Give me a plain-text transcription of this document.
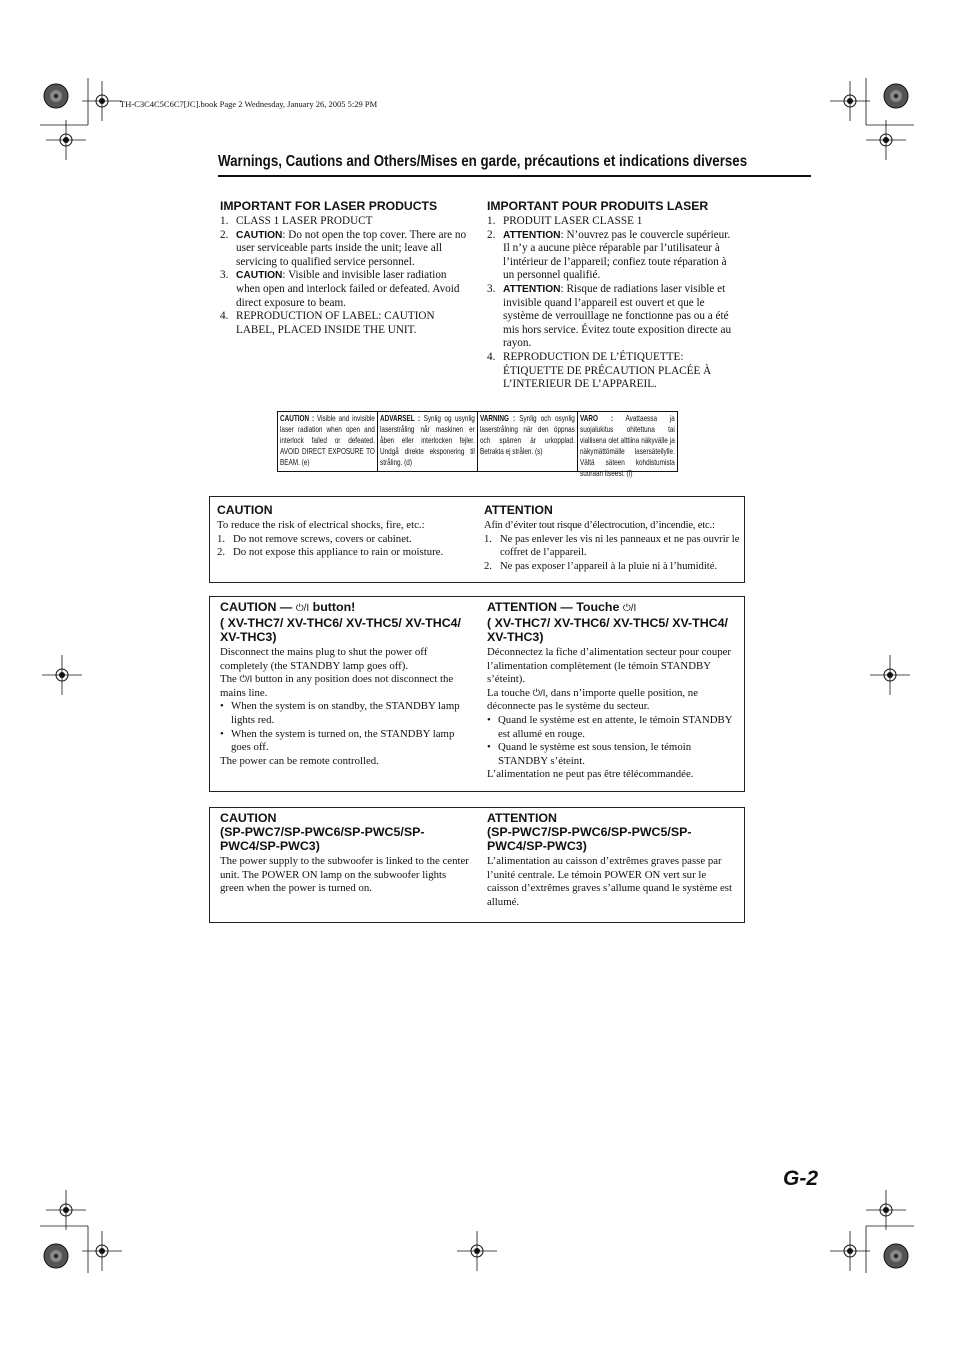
TH-C3C4C5C6C7[JC].book Page 2 Wednesday, January 26, 2005 5:29 PM
Warnings, Cautions and Others/Mises en garde, précautions et indications diverses
IMPORTANT FOR LASER PRODUCTS
1. CLASS 1 LASER PRODUCT
2. CAUTION: Do not open the top cover. There are no user serviceable parts inside the unit; leave all servicing to qualified service personnel.
3. CAUTION: Visible and invisible laser radiation when open and interlock failed or defeated. Avoid direct exposure to beam.
4. REPRODUCTION OF LABEL: CAUTION LABEL, PLACED INSIDE THE UNIT.
IMPORTANT POUR PRODUITS LASER
1. PRODUIT LASER CLASSE 1
2. ATTENTION: N’ouvrez pas le couvercle supérieur. Il n’y a aucune pièce réparable par l’utilisateur à l’intérieur de l’appareil; confiez toute réparation à un personnel qualifié.
3. ATTENTION: Risque de radiations laser visible et invisible quand l’appareil est ouvert et que le système de verrouillage ne fonctionne pas ou a été mis hors service. Évitez toute exposition directe au rayon.
4. REPRODUCTION DE L’ÉTIQUETTE: ÉTIQUETTE DE PRÉCAUTION PLACÉE À L’INTERIEUR DE L’APPAREIL.
CAUTION : Visible and invisible laser radiation when open and interlock failed or defeated. AVOID DIRECT EXPOSURE TO BEAM. (e)
ADVARSEL : Synlig og usynlig laserstråling når maskinen er åben eller interlocken fejler. Undgå direkte eksponering til stråling. (d)
VARNING : Synlig och osynlig laserstrålning när den öppnas och spärren är urkopplad. Betrakta ej strålen. (s)
VARO : Avattaessa ja suojalukitus ohitettuna tai viallisena olet alttiina näkyvälle ja näkymättömälle lasersäteilylle. Vältä säteen kohdistumista suoraan itseesi. (f)
CAUTION
To reduce the risk of electrical shocks, fire, etc.:
1. Do not remove screws, covers or cabinet.
2. Do not expose this appliance to rain or moisture.
ATTENTION
Afin d’éviter tout risque d’électrocution, d’incendie, etc.:
1. Ne pas enlever les vis ni les panneaux et ne pas ouvrir le coffret de l’appareil.
2. Ne pas exposer l’appareil à la pluie ni à l’humidité.
CAUTION — ⏻/I button!
( XV-THC7/ XV-THC6/ XV-THC5/ XV-THC4/ XV-THC3)
Disconnect the mains plug to shut the power off completely (the STANDBY lamp goes off).
The ⏻/I button in any position does not disconnect the mains line.
• When the system is on standby, the STANDBY lamp lights red.
• When the system is turned on, the STANDBY lamp goes off.
The power can be remote controlled.
ATTENTION — Touche ⏻/I
( XV-THC7/ XV-THC6/ XV-THC5/ XV-THC4/ XV-THC3)
Déconnectez la fiche d’alimentation secteur pour couper l’alimentation complètement (le témoin STANDBY s’éteint).
La touche ⏻/I, dans n’importe quelle position, ne déconnecte pas le système du secteur.
• Quand le système est en attente, le témoin STANDBY est allumé en rouge.
• Quand le système est sous tension, le témoin STANDBY s’éteint.
L’alimentation ne peut pas être télécommandée.
CAUTION
(SP-PWC7/SP-PWC6/SP-PWC5/SP-PWC4/SP-PWC3)
The power supply to the subwoofer is linked to the center unit. The POWER ON lamp on the subwoofer lights green when the power is turned on.
ATTENTION
(SP-PWC7/SP-PWC6/SP-PWC5/SP-PWC4/SP-PWC3)
L’alimentation au caisson d’extrêmes graves passe par l’unité centrale. Le témoin POWER ON vert sur le caisson d’extrêmes graves s’allume quand le système est allumé.
G-2
